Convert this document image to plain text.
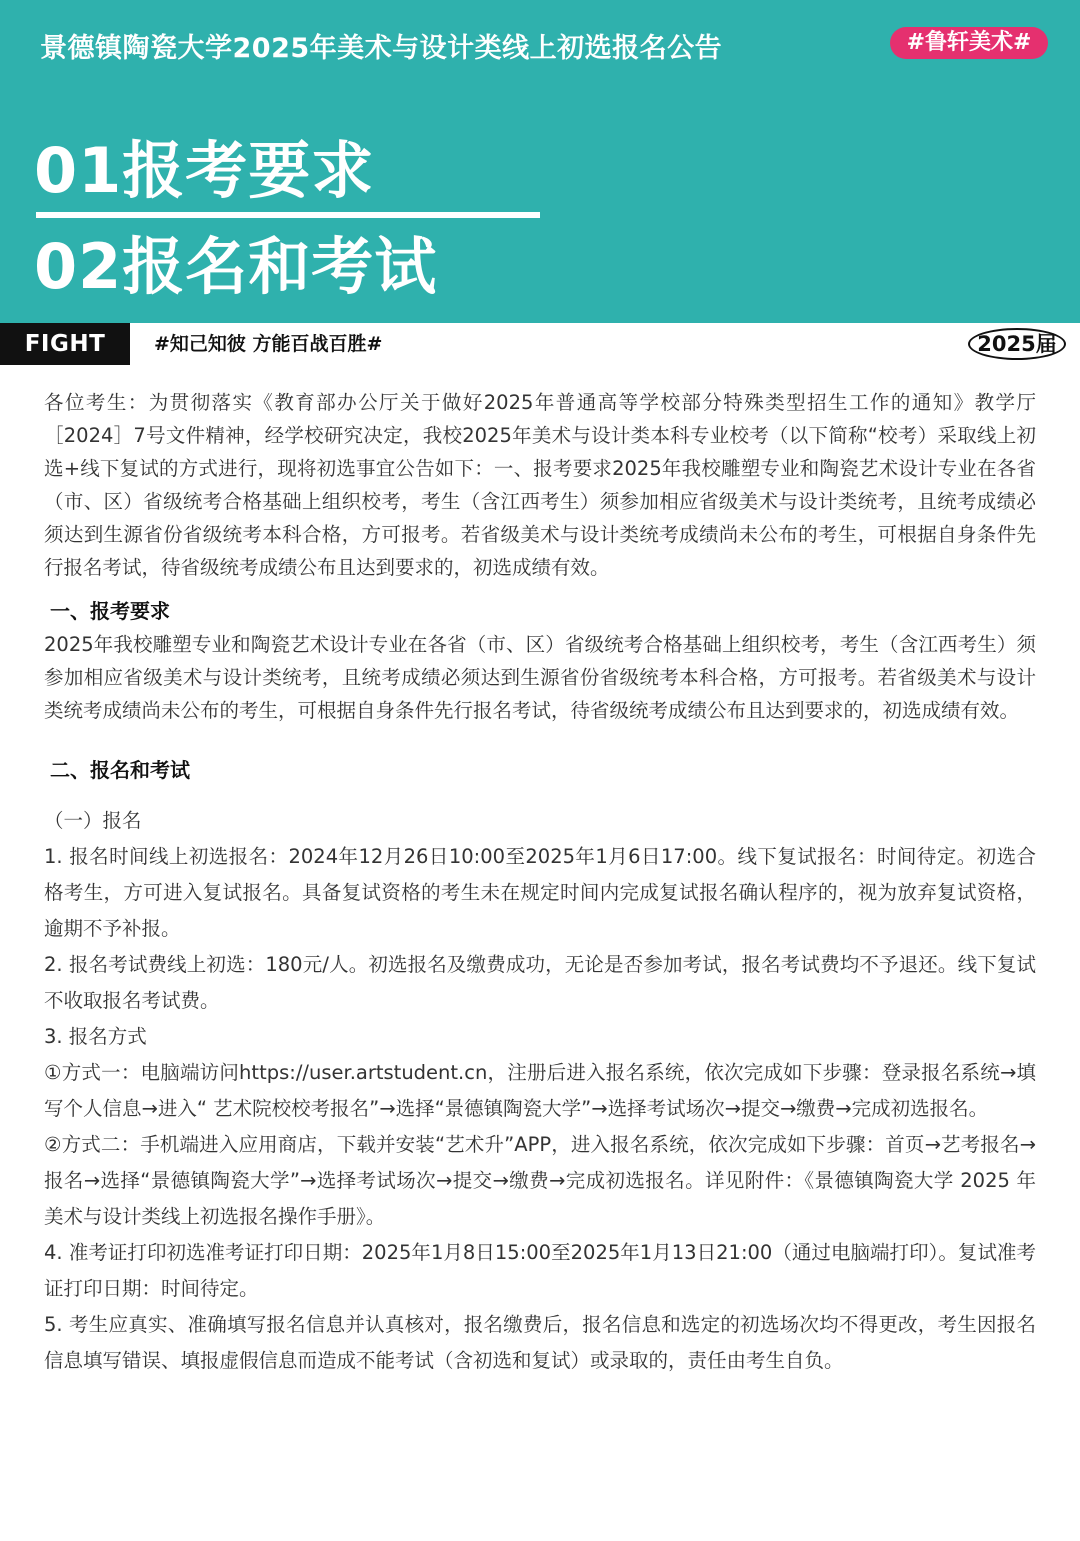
景德镇陶瓷大学2025年美术与设计类线上初选报名公告	#鲁轩美术#
01报考要求
02报名和考试
FIGHT	#知己知彼 方能百战百胜#	2025届

各位考生：为贯彻落实《教育部办公厅关于做好2025年普通高等学校部分特殊类型招生工作的通知》教学厅［2024］7号文件精神，经学校研究决定，我校2025年美术与设计类本科专业校考（以下简称“校考）采取线上初选+线下复试的方式进行，现将初选事宜公告如下：一、报考要求2025年我校雕塑专业和陶瓷艺术设计专业在各省（市、区）省级统考合格基础上组织校考，考生（含江西考生）须参加相应省级美术与设计类统考，且统考成绩必须达到生源省份省级统考本科合格，方可报考。若省级美术与设计类统考成绩尚未公布的考生，可根据自身条件先行报名考试，待省级统考成绩公布且达到要求的，初选成绩有效。

一、报考要求

2025年我校雕塑专业和陶瓷艺术设计专业在各省（市、区）省级统考合格基础上组织校考，考生（含江西考生）须参加相应省级美术与设计类统考，且统考成绩必须达到生源省份省级统考本科合格，方可报考。若省级美术与设计类统考成绩尚未公布的考生，可根据自身条件先行报名考试，待省级统考成绩公布且达到要求的，初选成绩有效。

二、报名和考试

（一）报名

1. 报名时间线上初选报名：2024年12月26日10:00至2025年1月6日17:00。线下复试报名：时间待定。初选合格考生，方可进入复试报名。具备复试资格的考生未在规定时间内完成复试报名确认程序的，视为放弃复试资格，逾期不予补报。

2. 报名考试费线上初选：180元/人。初选报名及缴费成功，无论是否参加考试，报名考试费均不予退还。线下复试不收取报名考试费。

3. 报名方式

①方式一：电脑端访问https://user.artstudent.cn，注册后进入报名系统，依次完成如下步骤：登录报名系统→填写个人信息→进入“ 艺术院校校考报名”→选择“景德镇陶瓷大学”→选择考试场次→提交→缴费→完成初选报名。

②方式二：手机端进入应用商店，下载并安装“艺术升”APP，进入报名系统，依次完成如下步骤：首页→艺考报名→报名→选择“景德镇陶瓷大学”→选择考试场次→提交→缴费→完成初选报名。详见附件：《景德镇陶瓷大学 2025 年美术与设计类线上初选报名操作手册》。

4. 准考证打印初选准考证打印日期：2025年1月8日15:00至2025年1月13日21:00（通过电脑端打印）。复试准考证打印日期：时间待定。

5. 考生应真实、准确填写报名信息并认真核对，报名缴费后，报名信息和选定的初选场次均不得更改，考生因报名信息填写错误、填报虚假信息而造成不能考试（含初选和复试）或录取的，责任由考生自负。
